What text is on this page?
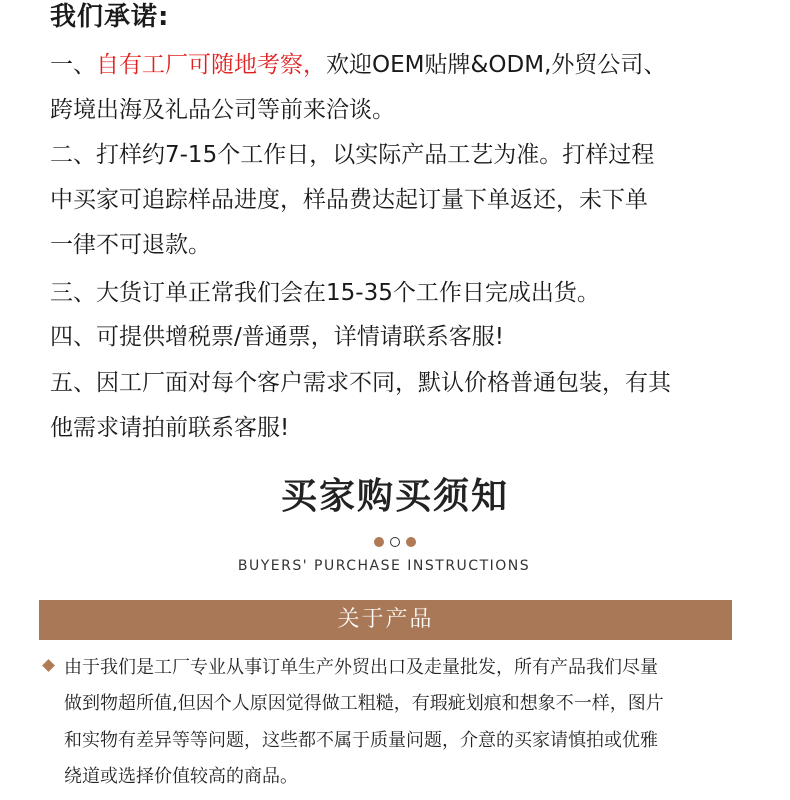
我们承诺:
一、自有工厂可随地考察，欢迎OEM贴牌&ODM,外贸公司、
跨境出海及礼品公司等前来洽谈。
二、打样约7-15个工作日，以实际产品工艺为准。打样过程
中买家可追踪样品进度，样品费达起订量下单返还，未下单
一律不可退款。
三、大货订单正常我们会在15-35个工作日完成出货。
四、可提供增税票/普通票，详情请联系客服!
五、因工厂面对每个客户需求不同，默认价格普通包装，有其
他需求请拍前联系客服!
买家购买须知
BUYERS' PURCHASE INSTRUCTIONS
关于产品
由于我们是工厂专业从事订单生产外贸出口及走量批发，所有产品我们尽量
做到物超所值,但因个人原因觉得做工粗糙，有瑕疵划痕和想象不一样，图片
和实物有差异等等问题，这些都不属于质量问题，介意的买家请慎拍或优雅
绕道或选择价值较高的商品。
